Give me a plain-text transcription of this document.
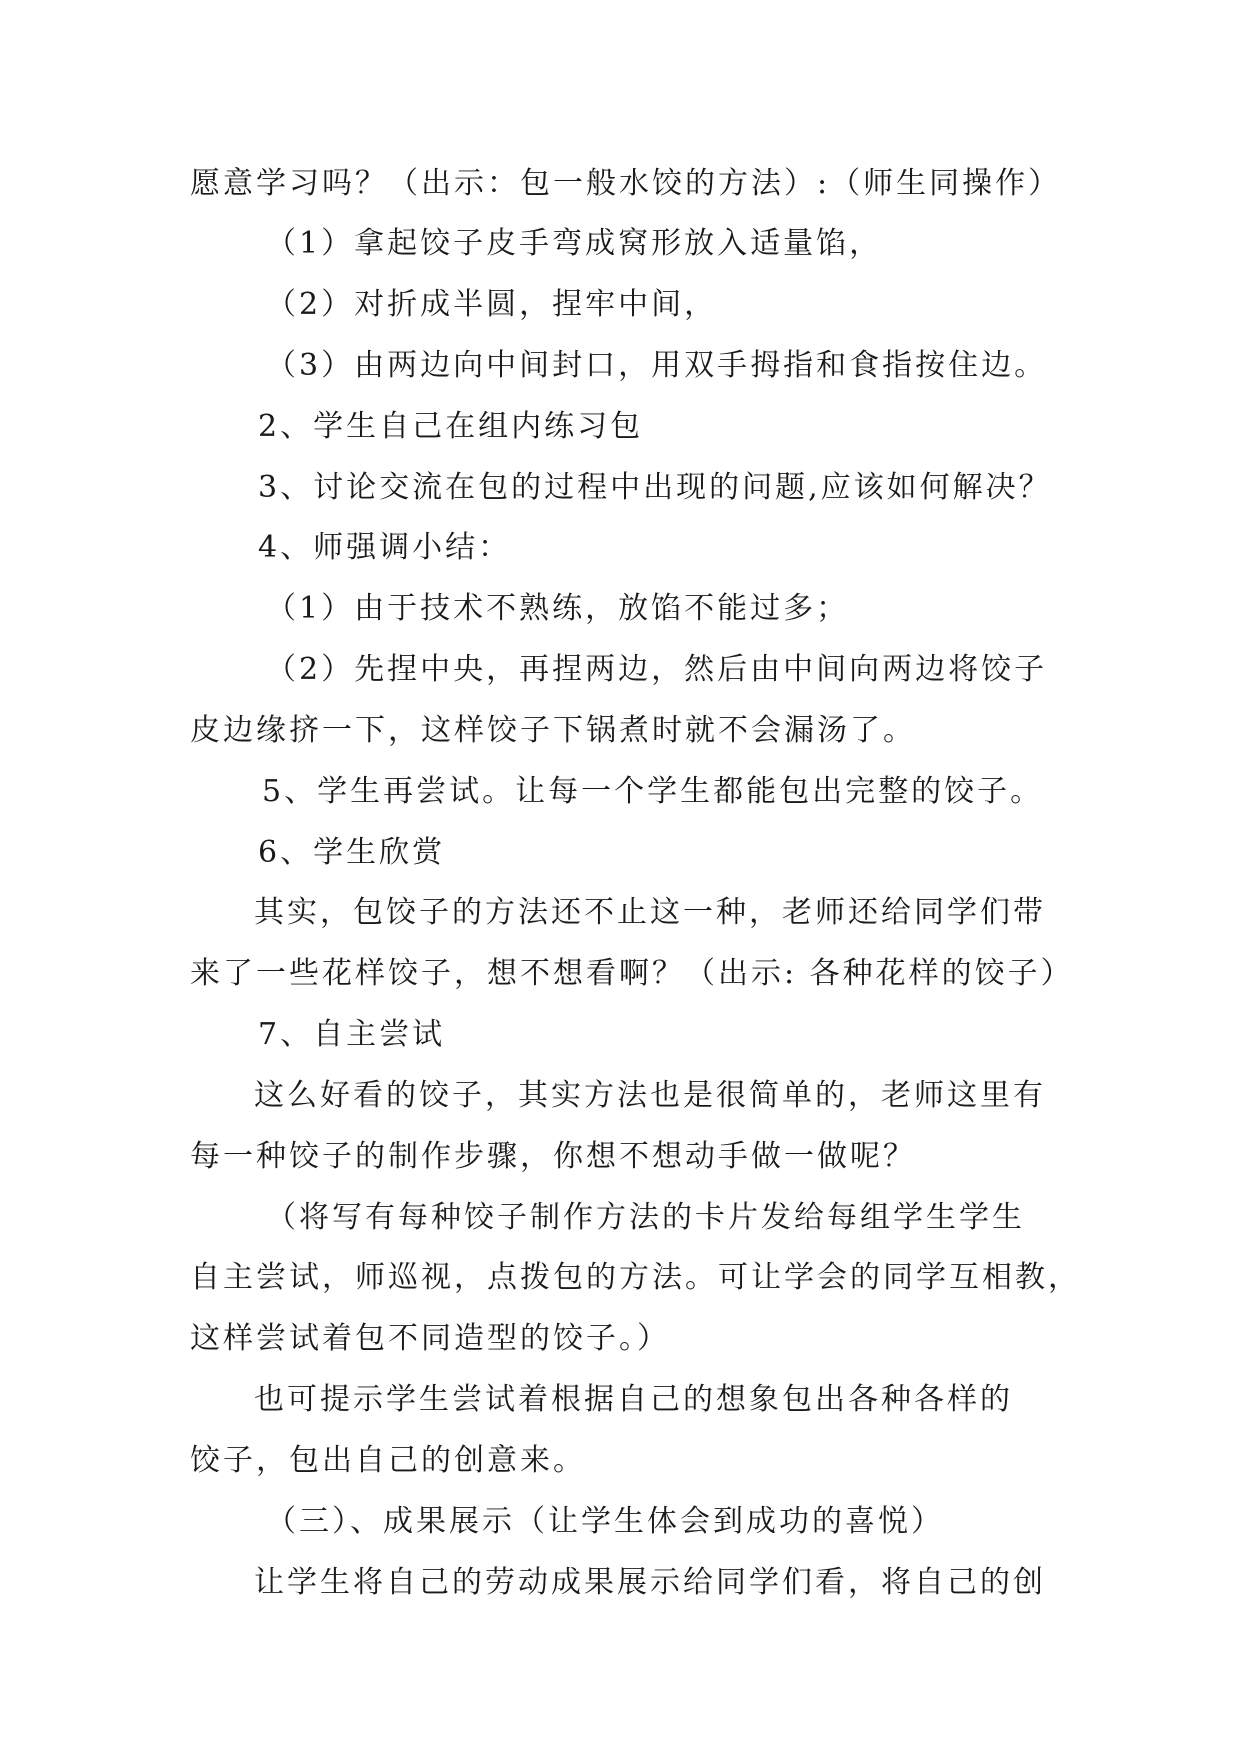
愿意学习吗？（出示：包一般水饺的方法）:（师生同操作）
（1）拿起饺子皮手弯成窝形放入适量馅，
（2）对折成半圆，捏牢中间，
（3）由两边向中间封口，用双手拇指和食指按住边。
2、学生自己在组内练习包
3、讨论交流在包的过程中出现的问题,应该如何解决？
4、师强调小结：
（1）由于技术不熟练，放馅不能过多；
（2）先捏中央，再捏两边，然后由中间向两边将饺子
皮边缘挤一下，这样饺子下锅煮时就不会漏汤了。
5、学生再尝试。让每一个学生都能包出完整的饺子。
6、学生欣赏
其实，包饺子的方法还不止这一种，老师还给同学们带
来了一些花样饺子，想不想看啊？（出示: 各种花样的饺子）
7、自主尝试
这么好看的饺子，其实方法也是很简单的，老师这里有
每一种饺子的制作步骤，你想不想动手做一做呢？
（将写有每种饺子制作方法的卡片发给每组学生学生
自主尝试，师巡视，点拨包的方法。可让学会的同学互相教，
这样尝试着包不同造型的饺子。）
也可提示学生尝试着根据自己的想象包出各种各样的
饺子，包出自己的创意来。
（三）、成果展示（让学生体会到成功的喜悦）
让学生将自己的劳动成果展示给同学们看，将自己的创
